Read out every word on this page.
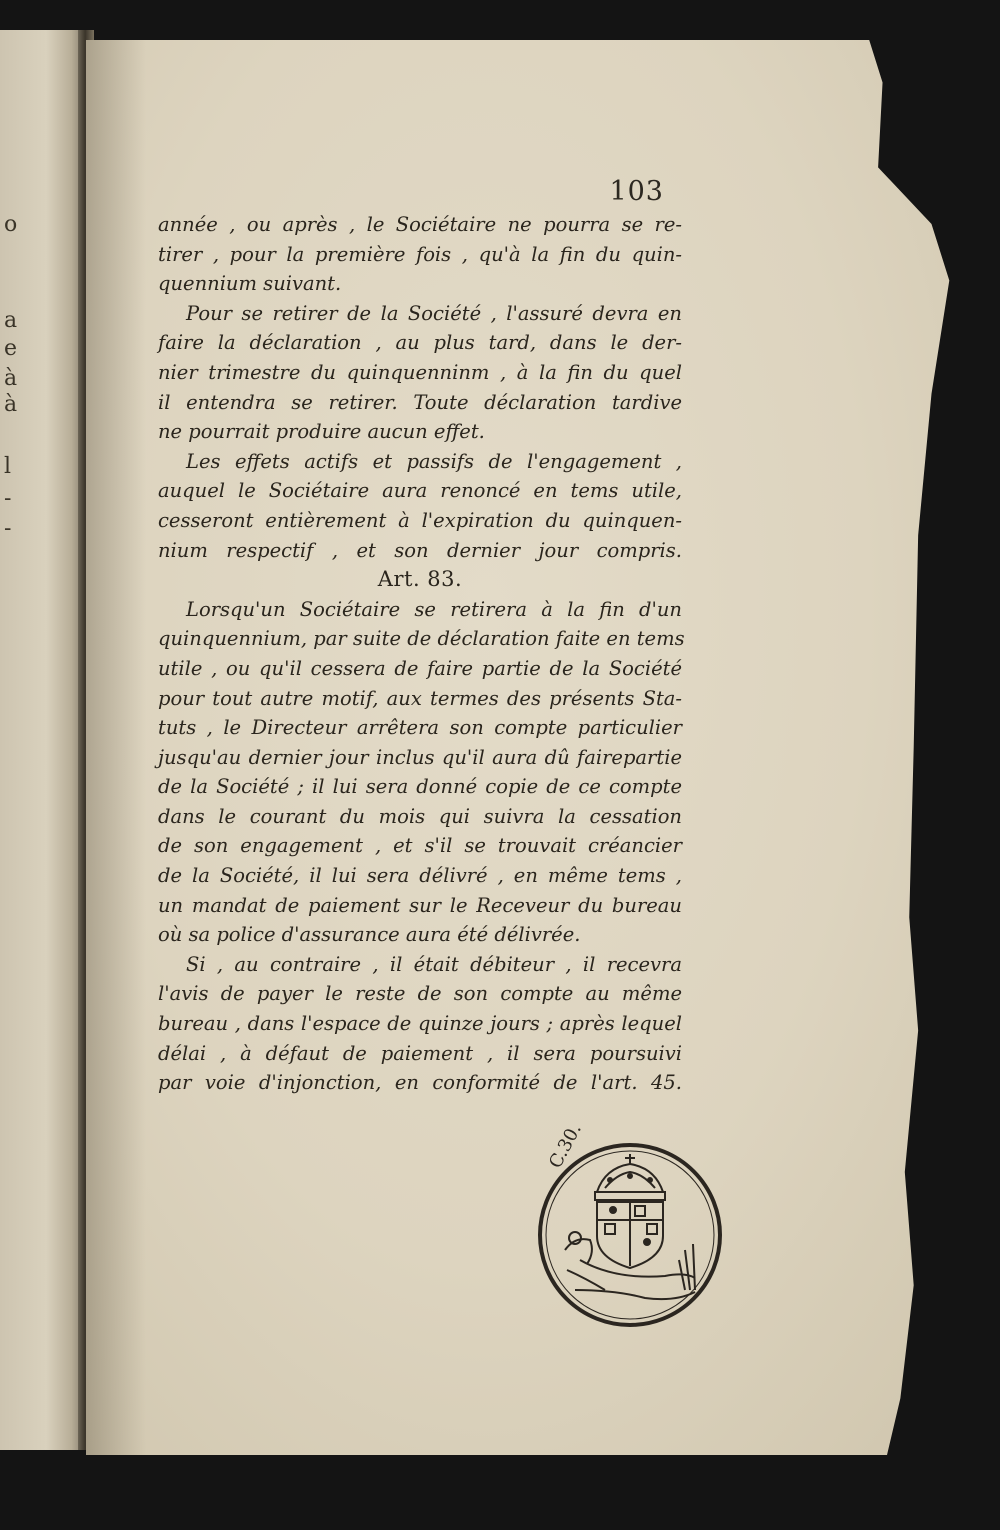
o
a
e
à
à
l
-
-
103
année , ou après , le Sociétaire ne pourra se re-
tirer , pour la première fois , qu'à la fin du quin-
quennium suivant.
Pour se retirer de la Société , l'assuré devra en
faire la déclaration , au plus tard, dans le der-
nier trimestre du quinquenninm , à la fin du quel
il entendra se retirer. Toute déclaration tardive
ne pourrait produire aucun effet.
Les effets actifs et passifs de l'engagement ,
auquel le Sociétaire aura renoncé en tems utile,
cesseront entièrement à l'expiration du quinquen-
nium respectif , et son dernier jour compris.
Art. 83.
Lorsqu'un Sociétaire se retirera à la fin d'un
quinquennium, par suite de déclaration faite en tems
utile , ou qu'il cessera de faire partie de la Société
pour tout autre motif, aux termes des présents Sta-
tuts , le Directeur arrêtera son compte particulier
jusqu'au dernier jour inclus qu'il aura dû fairepartie
de la Société ; il lui sera donné copie de ce compte
dans le courant du mois qui suivra la cessation
de son engagement , et s'il se trouvait créancier
de la Société, il lui sera délivré , en même tems ,
un mandat de paiement sur le Receveur du bureau
où sa police d'assurance aura été délivrée.
Si , au contraire , il était débiteur , il recevra
l'avis de payer le reste de son compte au même
bureau , dans l'espace de quinze jours ; après lequel
délai , à défaut de paiement , il sera poursuivi
par voie d'injonction, en conformité de l'art. 45.
C.30.
